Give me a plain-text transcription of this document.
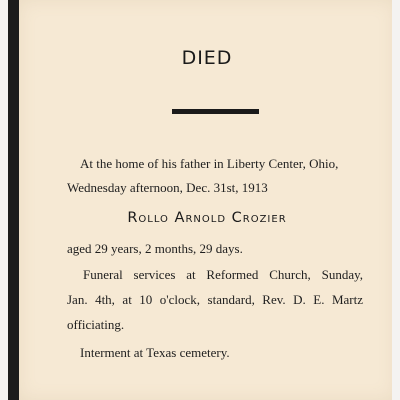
DIED
At the home of his father in Liberty Center, Ohio,
Wednesday afternoon, Dec. 31st, 1913
Rollo Arnold Crozier
aged 29 years, 2 months, 29 days.
Funeral services at Reformed Church, Sunday,
Jan. 4th, at 10 o'clock, standard, Rev. D. E. Martz
officiating.
Interment at Texas cemetery.
